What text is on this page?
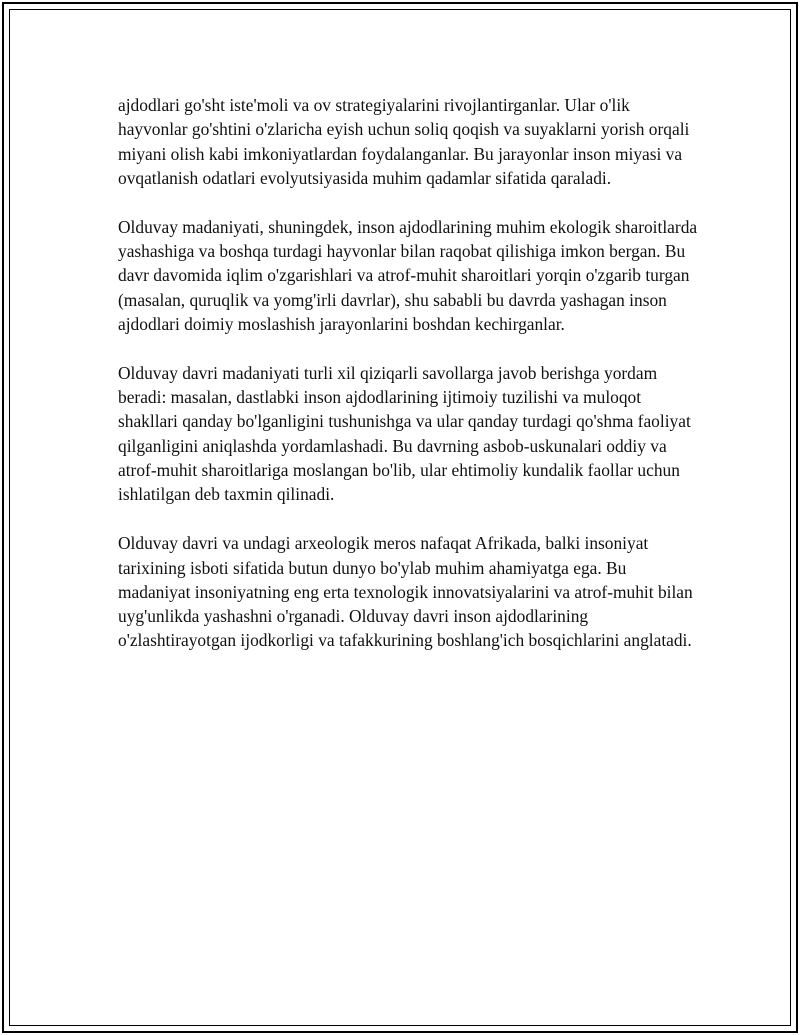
ajdodlari go'sht iste'moli va ov strategiyalarini rivojlantirganlar. Ular o'lik hayvonlar go'shtini o'zlaricha eyish uchun soliq qoqish va suyaklarni yorish orqali miyani olish kabi imkoniyatlardan foydalanganlar. Bu jarayonlar inson miyasi va ovqatlanish odatlari evolyutsiyasida muhim qadamlar sifatida qaraladi.

Olduvay madaniyati, shuningdek, inson ajdodlarining muhim ekologik sharoitlarda yashashiga va boshqa turdagi hayvonlar bilan raqobat qilishiga imkon bergan. Bu davr davomida iqlim o'zgarishlari va atrof-muhit sharoitlari yorqin o'zgarib turgan (masalan, quruqlik va yomg'irli davrlar), shu sababli bu davrda yashagan inson ajdodlari doimiy moslashish jarayonlarini boshdan kechirganlar.

Olduvay davri madaniyati turli xil qiziqarli savollarga javob berishga yordam beradi: masalan, dastlabki inson ajdodlarining ijtimoiy tuzilishi va muloqot shakllari qanday bo'lganligini tushunishga va ular qanday turdagi qo'shma faoliyat qilganligini aniqlashda yordamlashadi. Bu davrning asbob-uskunalari oddiy va atrof-muhit sharoitlariga moslangan bo'lib, ular ehtimoliy kundalik faollar uchun ishlatilgan deb taxmin qilinadi.

Olduvay davri va undagi arxeologik meros nafaqat Afrikada, balki insoniyat tarixining isboti sifatida butun dunyo bo'ylab muhim ahamiyatga ega. Bu madaniyat insoniyatning eng erta texnologik innovatsiyalarini va atrof-muhit bilan uyg'unlikda yashashni o'rganadi. Olduvay davri inson ajdodlarining o'zlashtirayotgan ijodkorligi va tafakkurining boshlang'ich bosqichlarini anglatadi.
